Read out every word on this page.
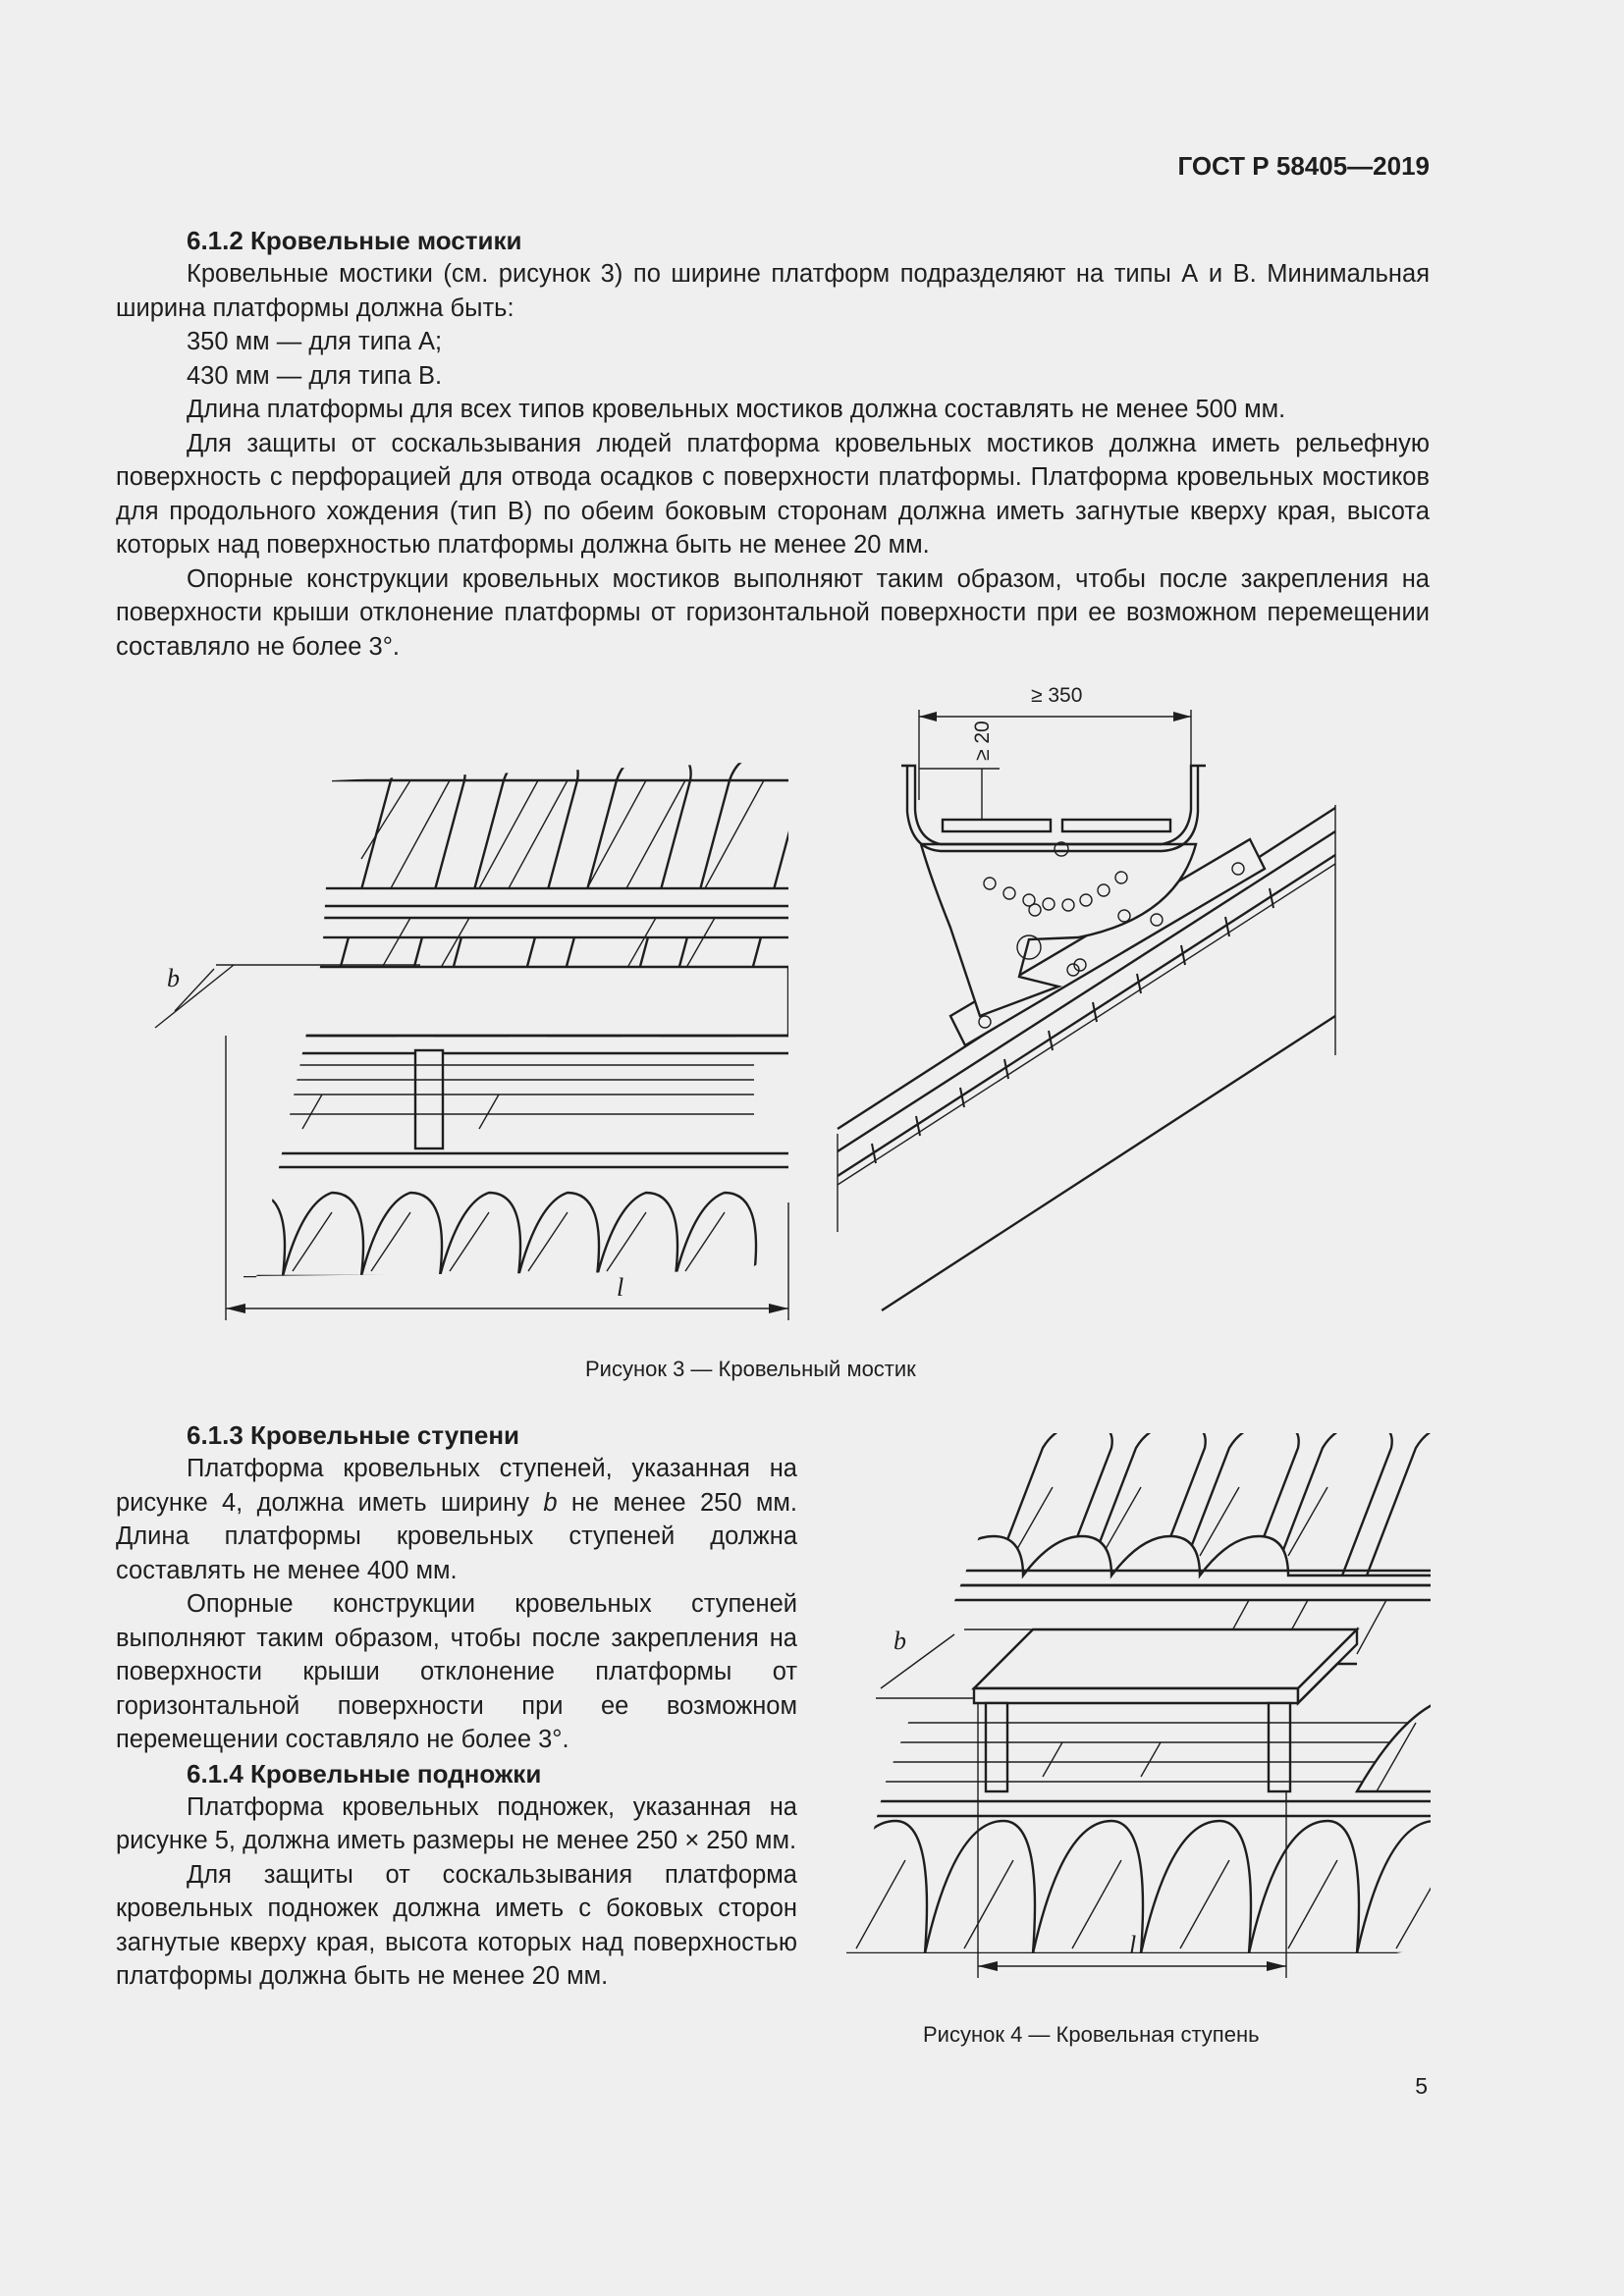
ГОСТ Р 58405—2019
6.1.2 Кровельные мостики
Кровельные мостики (см. рисунок 3) по ширине платформ подразделяют на типы А и В. Минимальная ширина платформы должна быть:
350 мм — для типа А;
430 мм — для типа В.
Длина платформы для всех типов кровельных мостиков должна составлять не менее 500 мм.
Для защиты от соскальзывания людей платформа кровельных мостиков должна иметь рельефную поверхность с перфорацией для отвода осадков с поверхности платформы. Платформа кровельных мостиков для продольного хождения (тип В) по обеим боковым сторонам должна иметь загнутые кверху края, высота которых над поверхностью платформы должна быть не менее 20 мм.
Опорные конструкции кровельных мостиков выполняют таким образом, чтобы после закрепления на поверхности крыши отклонение платформы от горизонтальной поверхности при ее возможном перемещении составляло не более 3°.
b
l
≥ 350
≥ 20
Рисунок 3 — Кровельный мостик
6.1.3 Кровельные ступени
Платформа кровельных ступеней, указанная на рисунке 4, должна иметь ширину b не менее 250 мм. Длина платформы кровельных ступеней должна составлять не менее 400 мм.
Опорные конструкции кровельных ступеней выполняют таким образом, чтобы после закрепления на поверхности крыши отклонение платформы от горизонтальной поверхности при ее возможном перемещении составляло не более 3°.
6.1.4 Кровельные подножки
Платформа кровельных подножек, указанная на рисунке 5, должна иметь размеры не менее 250 × 250 мм.
Для защиты от соскальзывания платформа кровельных подножек должна иметь с боковых сторон загнутые кверху края, высота которых над поверхностью платформы должна быть не менее 20 мм.
b
l
Рисунок 4 — Кровельная ступень
5
